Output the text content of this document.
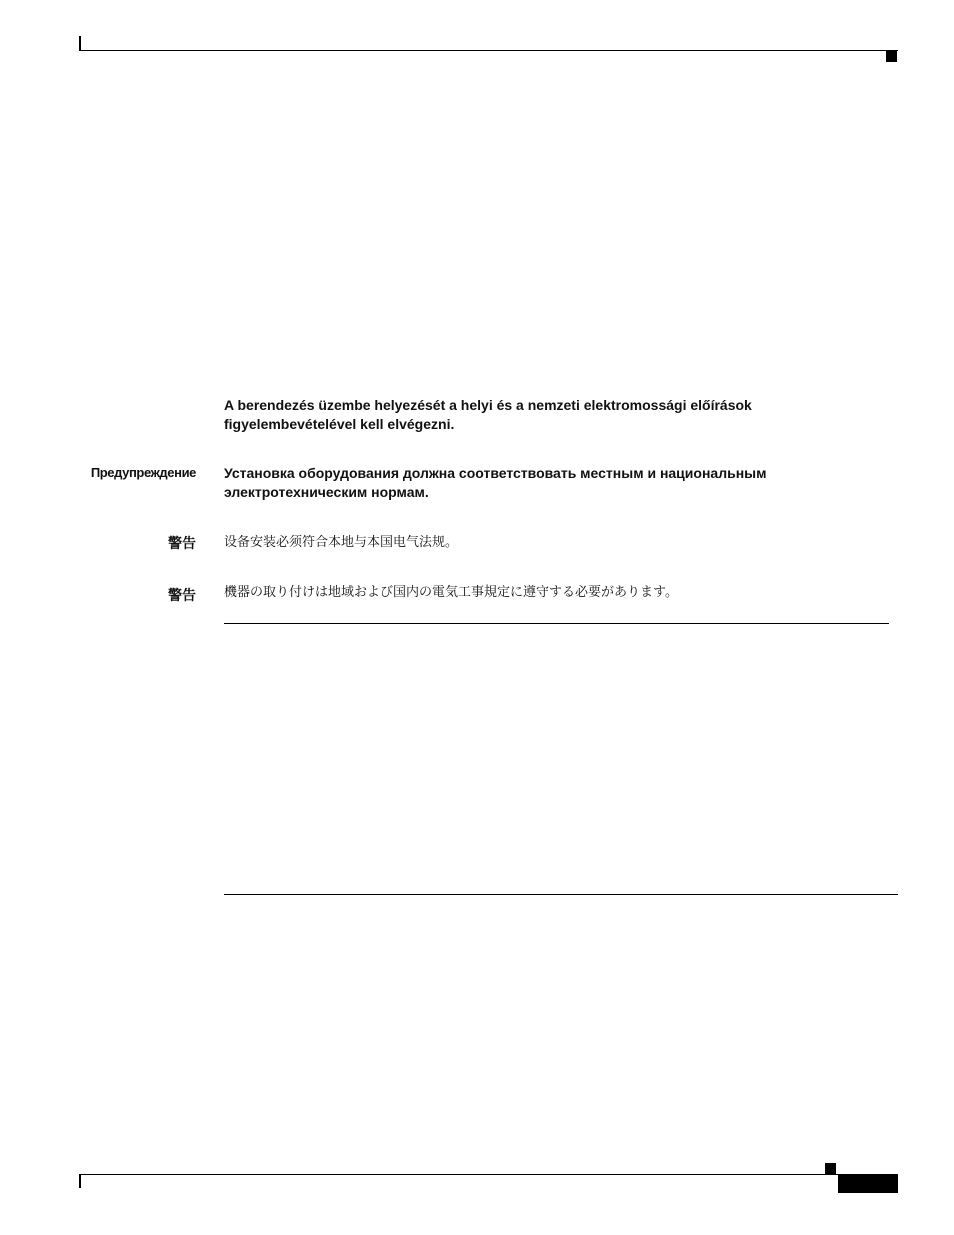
A berendezés üzembe helyezését a helyi és a nemzeti elektromossági előírások figyelembevételével kell elvégezni.
Предупреждение Установка оборудования должна соответствовать местным и национальным электротехническим нормам.
警告 设备安装必须符合本地与本国电气法规。
警告 機器の取り付けは地域および国内の電気工事規定に遵守する必要があります。
